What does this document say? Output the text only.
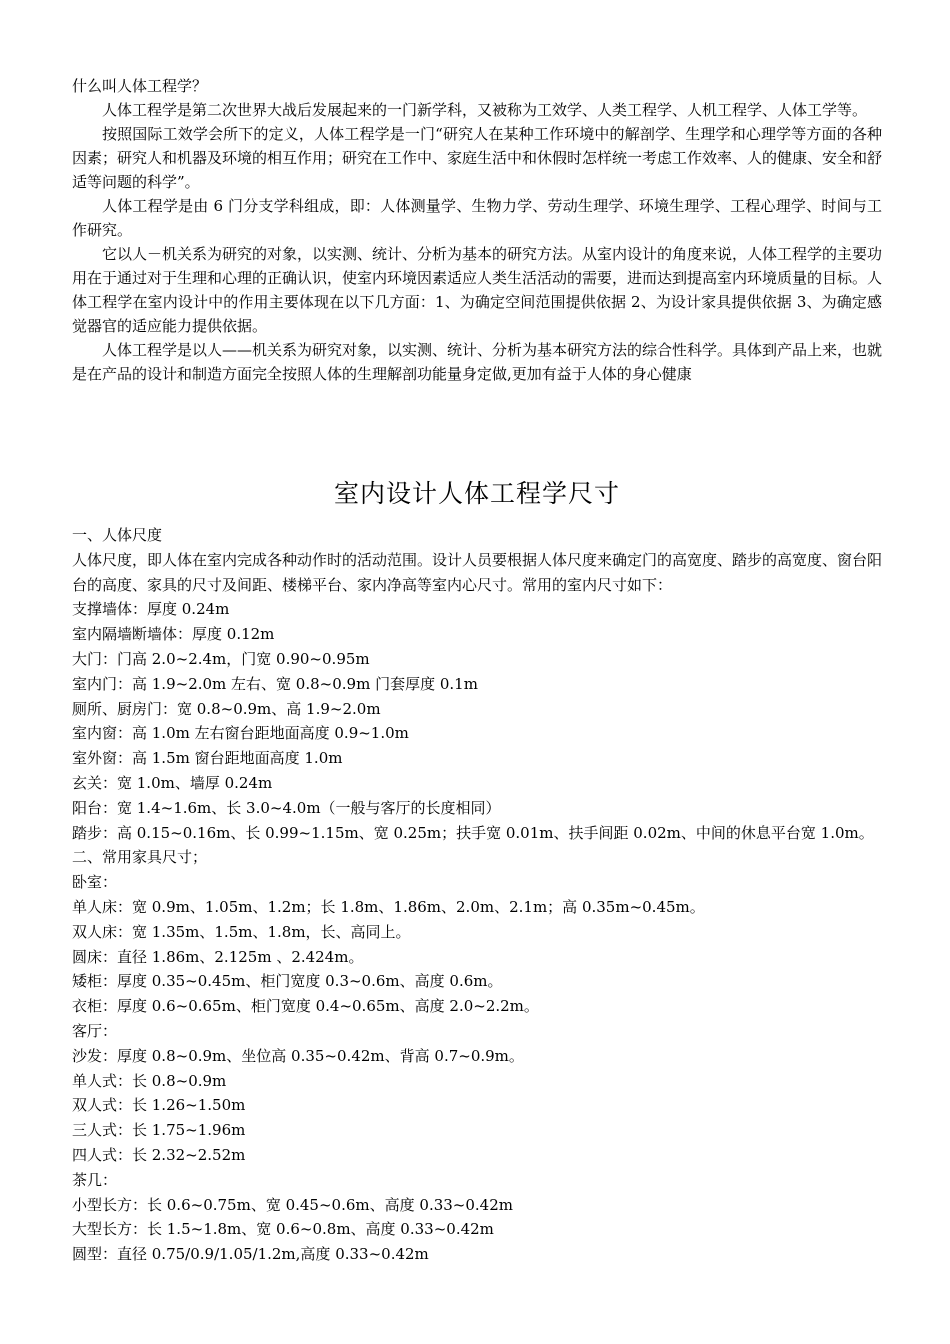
什么叫人体工程学？

人体工程学是第二次世界大战后发展起来的一门新学科，又被称为工效学、人类工程学、人机工程学、人体工学等。

按照国际工效学会所下的定义，人体工程学是一门“研究人在某种工作环境中的解剖学、生理学和心理学等方面的各种因素；研究人和机器及环境的相互作用；研究在工作中、家庭生活中和休假时怎样统一考虑工作效率、人的健康、安全和舒适等问题的科学”。

人体工程学是由 6 门分支学科组成，即：人体测量学、生物力学、劳动生理学、环境生理学、工程心理学、时间与工作研究。

它以人－机关系为研究的对象，以实测、统计、分析为基本的研究方法。从室内设计的角度来说，人体工程学的主要功用在于通过对于生理和心理的正确认识，使室内环境因素适应人类生活活动的需要，进而达到提高室内环境质量的目标。人体工程学在室内设计中的作用主要体现在以下几方面：1、为确定空间范围提供依据 2、为设计家具提供依据 3、为确定感觉器官的适应能力提供依据。

人体工程学是以人——机关系为研究对象，以实测、统计、分析为基本研究方法的综合性科学。具体到产品上来，也就是在产品的设计和制造方面完全按照人体的生理解剖功能量身定做,更加有益于人体的身心健康

室内设计人体工程学尺寸

一、人体尺度

人体尺度，即人体在室内完成各种动作时的活动范围。设计人员要根据人体尺度来确定门的高宽度、踏步的高宽度、窗台阳台的高度、家具的尺寸及间距、楼梯平台、家内净高等室内心尺寸。常用的室内尺寸如下：

支撑墙体：厚度 0.24m

室内隔墙断墙体：厚度 0.12m

大门：门高 2.0~2.4m，门宽 0.90~0.95m

室内门：高 1.9~2.0m 左右、宽 0.8~0.9m 门套厚度 0.1m

厕所、厨房门：宽 0.8~0.9m、高 1.9~2.0m

室内窗：高 1.0m 左右窗台距地面高度 0.9~1.0m

室外窗：高 1.5m 窗台距地面高度 1.0m

玄关：宽 1.0m、墙厚 0.24m

阳台：宽 1.4~1.6m、长 3.0~4.0m（一般与客厅的长度相同）

踏步：高 0.15~0.16m、长 0.99~1.15m、宽 0.25m；扶手宽 0.01m、扶手间距 0.02m、中间的休息平台宽 1.0m。

二、常用家具尺寸；

卧室：

单人床：宽 0.9m、1.05m、1.2m；长 1.8m、1.86m、2.0m、2.1m；高 0.35m~0.45m。

双人床：宽 1.35m、1.5m、1.8m，长、高同上。

圆床：直径 1.86m、2.125m 、2.424m。

矮柜：厚度 0.35~0.45m、柜门宽度 0.3~0.6m、高度 0.6m。

衣柜：厚度 0.6~0.65m、柜门宽度 0.4~0.65m、高度 2.0~2.2m。

客厅：

沙发：厚度 0.8~0.9m、坐位高 0.35~0.42m、背高 0.7~0.9m。

单人式：长 0.8~0.9m

双人式：长 1.26~1.50m

三人式：长 1.75~1.96m

四人式：长 2.32~2.52m

茶几：

小型长方：长 0.6~0.75m、宽 0.45~0.6m、高度 0.33~0.42m

大型长方：长 1.5~1.8m、宽 0.6~0.8m、高度 0.33~0.42m

圆型：直径 0.75/0.9/1.05/1.2m,高度 0.33~0.42m
